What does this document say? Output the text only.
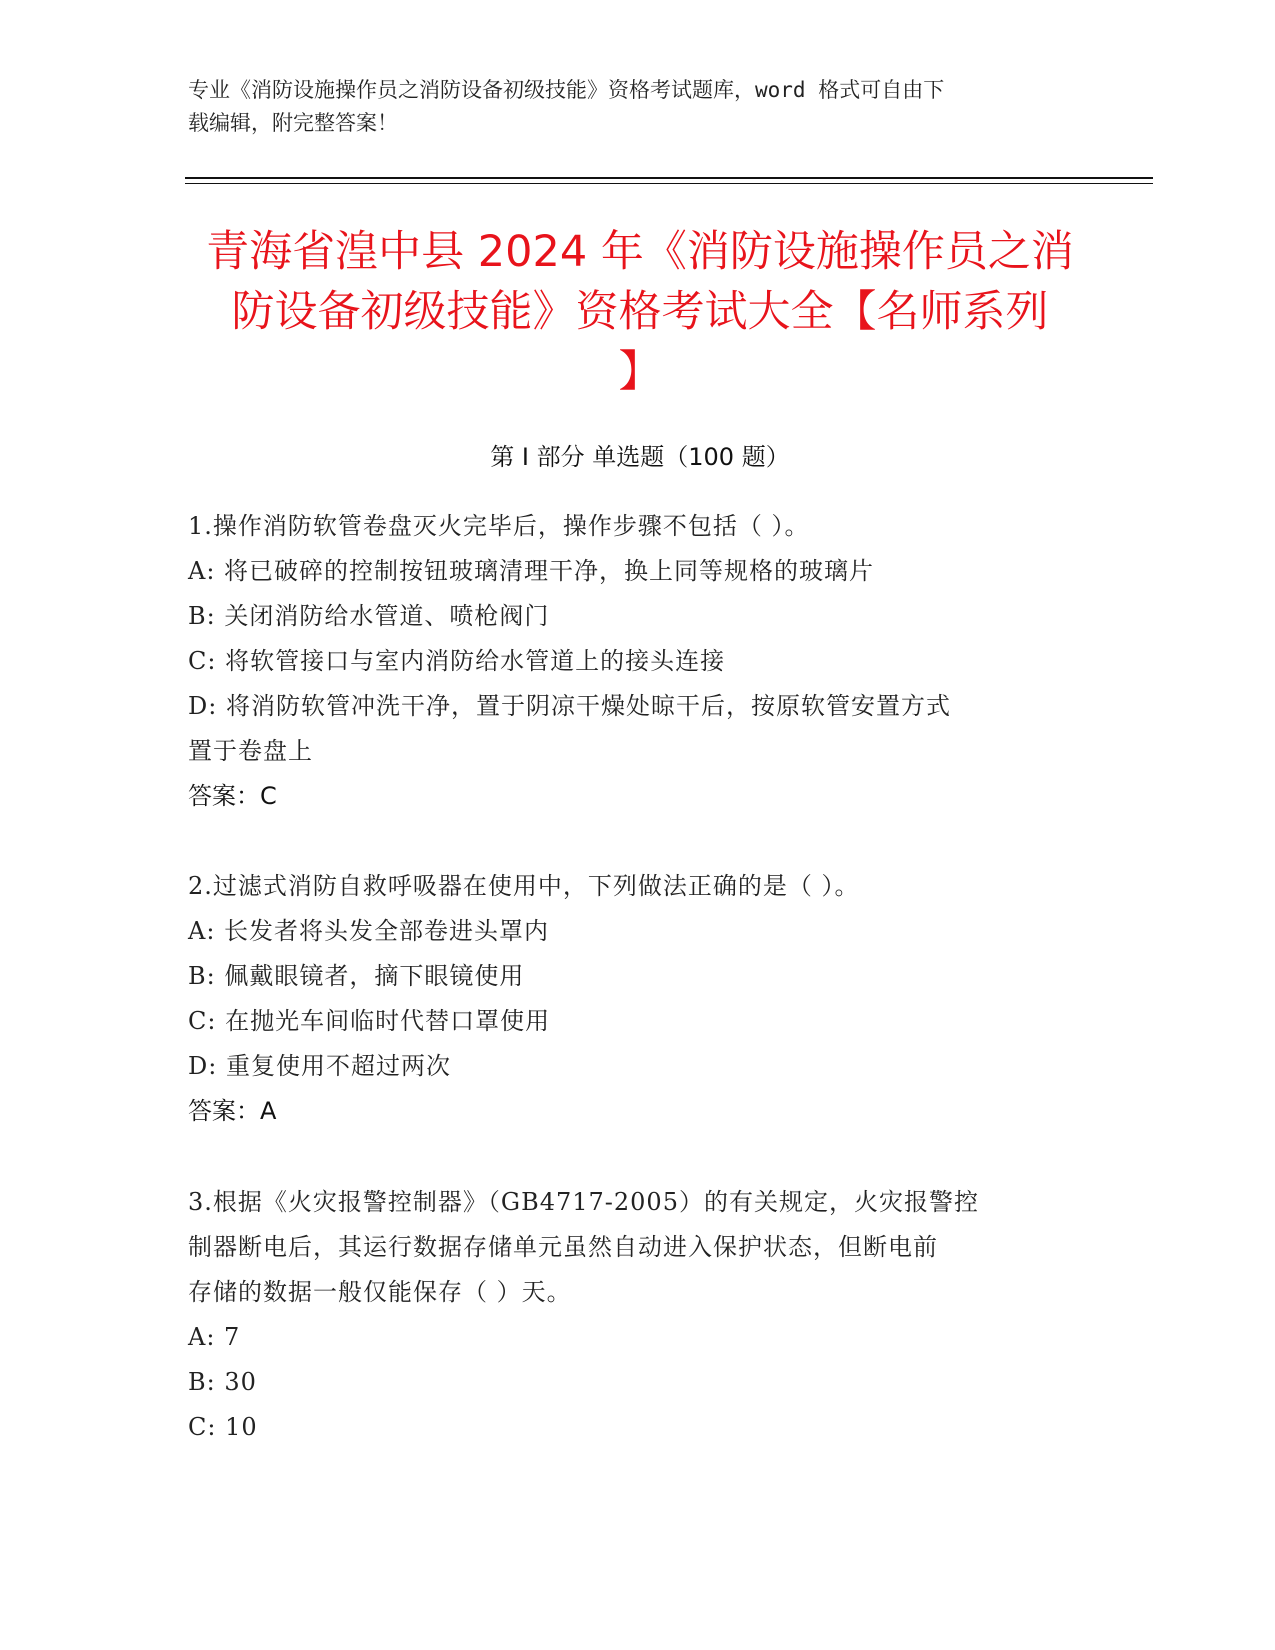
专业《消防设施操作员之消防设备初级技能》资格考试题库，word 格式可自由下
载编辑，附完整答案！
青海省湟中县 2024 年《消防设施操作员之消
防设备初级技能》资格考试大全【名师系列
】
第 I 部分 单选题（100 题）
1.操作消防软管卷盘灭火完毕后，操作步骤不包括（ ）。
A: 将已破碎的控制按钮玻璃清理干净，换上同等规格的玻璃片
B: 关闭消防给水管道、喷枪阀门
C: 将软管接口与室内消防给水管道上的接头连接
D: 将消防软管冲洗干净，置于阴凉干燥处晾干后，按原软管安置方式
置于卷盘上
答案：C
2.过滤式消防自救呼吸器在使用中，下列做法正确的是（ ）。
A: 长发者将头发全部卷进头罩内
B: 佩戴眼镜者，摘下眼镜使用
C: 在抛光车间临时代替口罩使用
D: 重复使用不超过两次
答案：A
3.根据《火灾报警控制器》（GB4717-2005）的有关规定，火灾报警控
制器断电后，其运行数据存储单元虽然自动进入保护状态，但断电前
存储的数据一般仅能保存（ ）天。
A: 7
B: 30
C: 10
